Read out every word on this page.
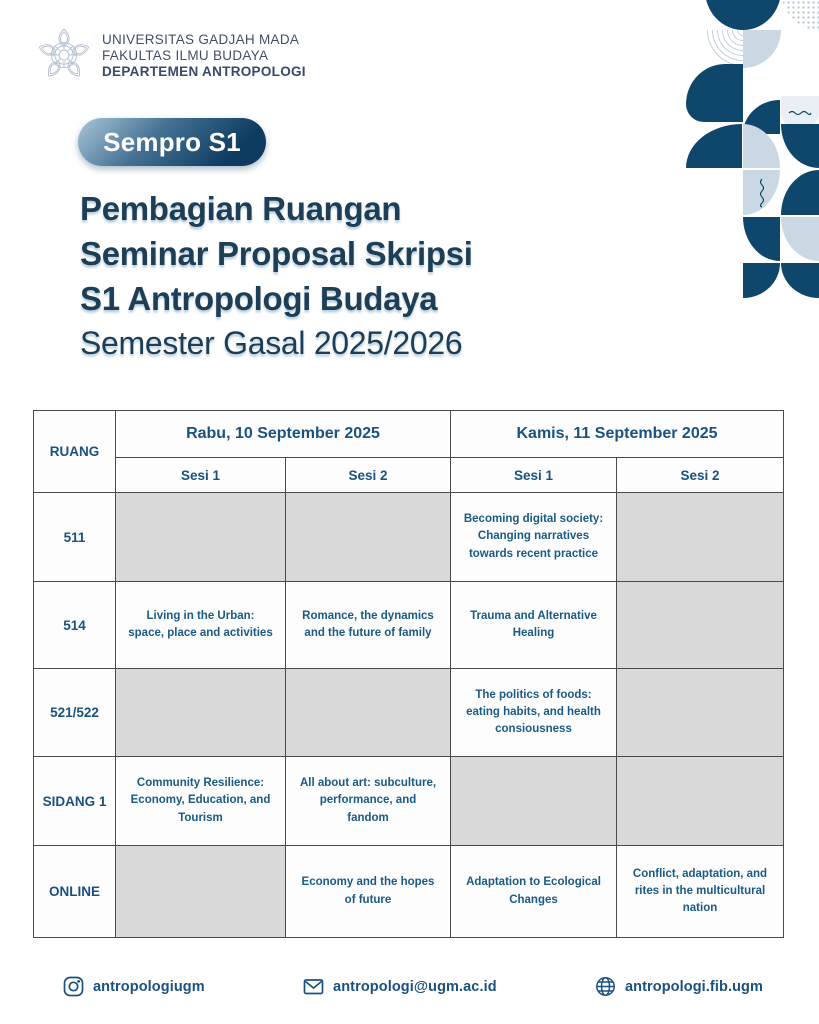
UNIVERSITAS GADJAH MADA
FAKULTAS ILMU BUDAYA
DEPARTEMEN ANTROPOLOGI
Sempro S1
Pembagian Ruangan
Seminar Proposal Skripsi
S1 Antropologi Budaya
Semester Gasal 2025/2026
RUANG	Rabu, 10 September 2025		Kamis, 11 September 2025	
	Sesi 1	Sesi 2	Sesi 1	Sesi 2
511			Becoming digital society: Changing narratives towards recent practice	
514	Living in the Urban: space, place and activities	Romance, the dynamics and the future of family	Trauma and Alternative Healing	
521/522			The politics of foods: eating habits, and health consiousness	
SIDANG 1	Community Resilience: Economy, Education, and Tourism	All about art: subculture, performance, and fandom		
ONLINE		Economy and the hopes of future	Adaptation to Ecological Changes	Conflict, adaptation, and rites in the multicultural nation
antropologiugm	antropologi@ugm.ac.id	antropologi.fib.ugm
